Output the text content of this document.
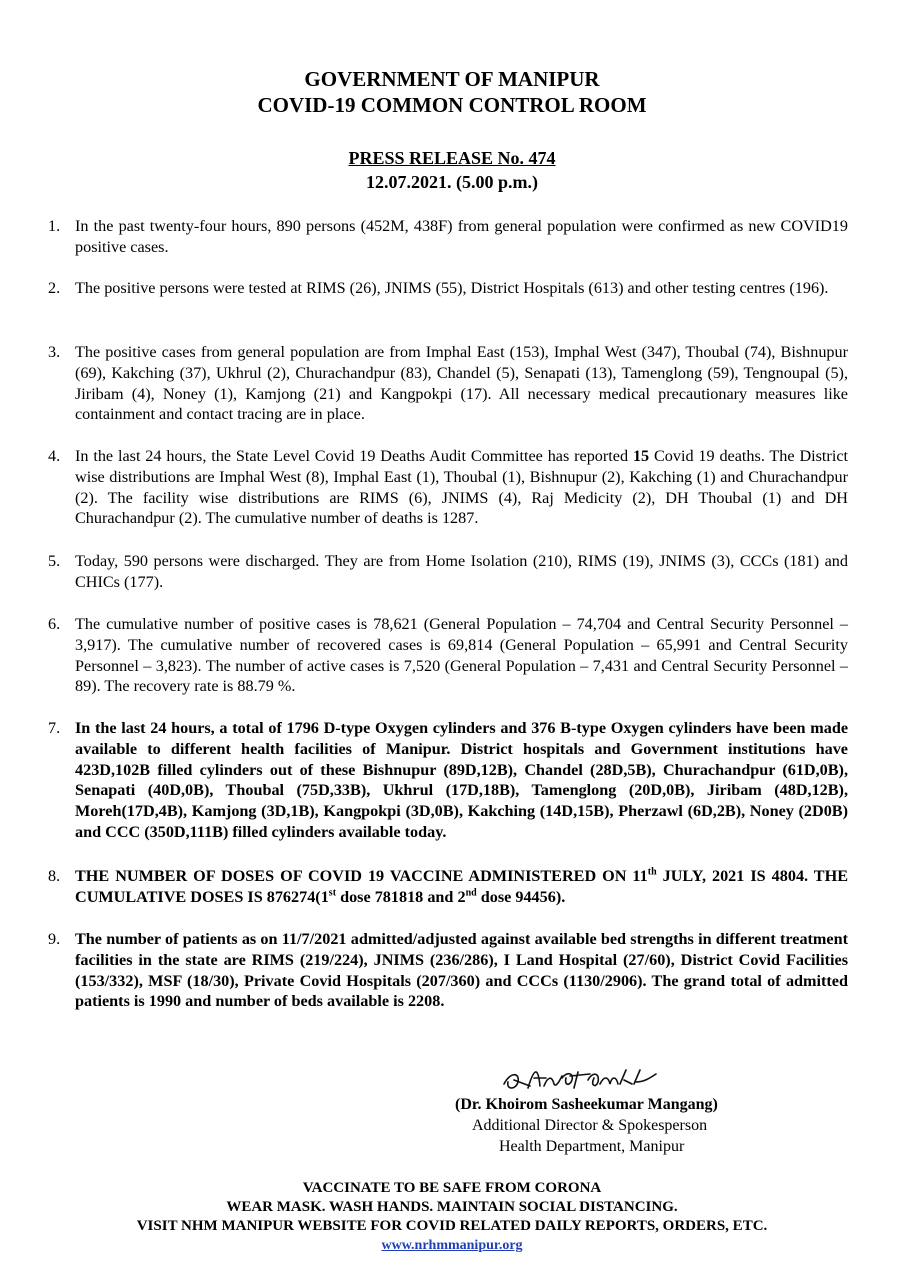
GOVERNMENT OF MANIPUR
COVID-19 COMMON CONTROL ROOM
PRESS RELEASE No. 474
12.07.2021. (5.00 p.m.)
1. In the past twenty-four hours, 890 persons (452M, 438F) from general population were confirmed as new COVID19 positive cases.
2. The positive persons were tested at RIMS (26), JNIMS (55), District Hospitals (613) and other testing centres (196).
3. The positive cases from general population are from Imphal East (153), Imphal West (347), Thoubal (74), Bishnupur (69), Kakching (37), Ukhrul (2), Churachandpur (83), Chandel (5), Senapati (13), Tamenglong (59), Tengnoupal (5), Jiribam (4), Noney (1), Kamjong (21) and Kangpokpi (17). All necessary medical precautionary measures like containment and contact tracing are in place.
4. In the last 24 hours, the State Level Covid 19 Deaths Audit Committee has reported 15 Covid 19 deaths. The District wise distributions are Imphal West (8), Imphal East (1), Thoubal (1), Bishnupur (2), Kakching (1) and Churachandpur (2). The facility wise distributions are RIMS (6), JNIMS (4), Raj Medicity (2), DH Thoubal (1) and DH Churachandpur (2). The cumulative number of deaths is 1287.
5. Today, 590 persons were discharged. They are from Home Isolation (210), RIMS (19), JNIMS (3), CCCs (181) and CHICs (177).
6. The cumulative number of positive cases is 78,621 (General Population – 74,704 and Central Security Personnel – 3,917). The cumulative number of recovered cases is 69,814 (General Population – 65,991 and Central Security Personnel – 3,823). The number of active cases is 7,520 (General Population – 7,431 and Central Security Personnel – 89). The recovery rate is 88.79 %.
7. In the last 24 hours, a total of 1796 D-type Oxygen cylinders and 376 B-type Oxygen cylinders have been made available to different health facilities of Manipur. District hospitals and Government institutions have 423D,102B filled cylinders out of these Bishnupur (89D,12B), Chandel (28D,5B), Churachandpur (61D,0B), Senapati (40D,0B), Thoubal (75D,33B), Ukhrul (17D,18B), Tamenglong (20D,0B), Jiribam (48D,12B), Moreh(17D,4B), Kamjong (3D,1B), Kangpokpi (3D,0B), Kakching (14D,15B), Pherzawl (6D,2B), Noney (2D0B) and CCC (350D,111B) filled cylinders available today.
8. THE NUMBER OF DOSES OF COVID 19 VACCINE ADMINISTERED ON 11th JULY, 2021 IS 4804. THE CUMULATIVE DOSES IS 876274(1st dose 781818 and 2nd dose 94456).
9. The number of patients as on 11/7/2021 admitted/adjusted against available bed strengths in different treatment facilities in the state are RIMS (219/224), JNIMS (236/286), I Land Hospital (27/60), District Covid Facilities (153/332), MSF (18/30), Private Covid Hospitals (207/360) and CCCs (1130/2906). The grand total of admitted patients is 1990 and number of beds available is 2208.
(Dr. Khoirom Sasheekumar Mangang)
Additional Director & Spokesperson
Health Department, Manipur
VACCINATE TO BE SAFE FROM CORONA
WEAR MASK. WASH HANDS. MAINTAIN SOCIAL DISTANCING.
VISIT NHM MANIPUR WEBSITE FOR COVID RELATED DAILY REPORTS, ORDERS, ETC.
www.nrhmmanipur.org
